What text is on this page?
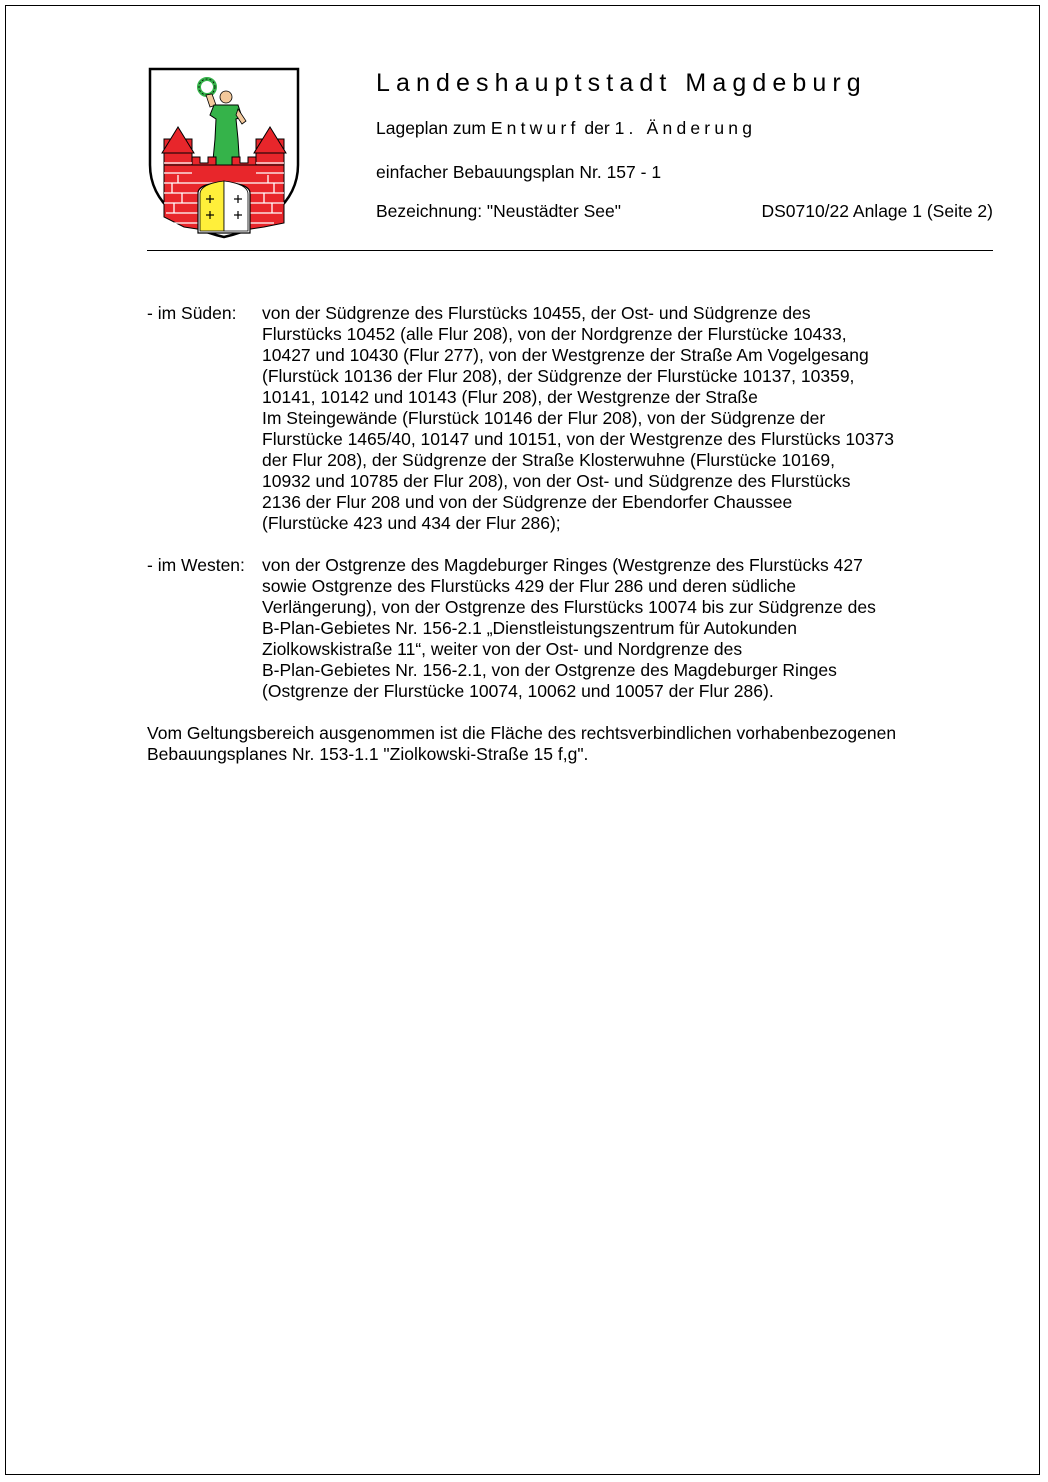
Landeshauptstadt Magdeburg
Lageplan zum Entwurf der 1. Änderung
einfacher Bebauungsplan Nr. 157 - 1
Bezeichnung: "Neustädter See"	DS0710/22 Anlage 1 (Seite 2)
- im Süden:	von der Südgrenze des Flurstücks 10455, der Ost- und Südgrenze des
Flurstücks 10452 (alle Flur 208), von der Nordgrenze der Flurstücke 10433,
10427 und 10430 (Flur 277), von der Westgrenze der Straße Am Vogelgesang
(Flurstück 10136 der Flur 208), der Südgrenze der Flurstücke 10137, 10359,
10141, 10142 und 10143 (Flur 208), der Westgrenze der Straße
Im Steingewände (Flurstück 10146 der Flur 208), von der Südgrenze der
Flurstücke 1465/40, 10147 und 10151, von der Westgrenze des Flurstücks 10373
der Flur 208), der Südgrenze der Straße Klosterwuhne (Flurstücke 10169,
10932 und 10785 der Flur 208), von der Ost- und Südgrenze des Flurstücks
2136 der Flur 208 und von der Südgrenze der Ebendorfer Chaussee
(Flurstücke 423 und 434 der Flur 286);
- im Westen: von der Ostgrenze des Magdeburger Ringes (Westgrenze des Flurstücks 427
sowie Ostgrenze des Flurstücks 429 der Flur 286 und deren südliche
Verlängerung), von der Ostgrenze des Flurstücks 10074 bis zur Südgrenze des
B-Plan-Gebietes Nr. 156-2.1 „Dienstleistungszentrum für Autokunden
Ziolkowskistraße 11“, weiter von der Ost- und Nordgrenze des
B-Plan-Gebietes Nr. 156-2.1, von der Ostgrenze des Magdeburger Ringes
(Ostgrenze der Flurstücke 10074, 10062 und 10057 der Flur 286).
Vom Geltungsbereich ausgenommen ist die Fläche des rechtsverbindlichen vorhabenbezogenen
Bebauungsplanes Nr. 153-1.1 "Ziolkowski-Straße 15 f,g".
